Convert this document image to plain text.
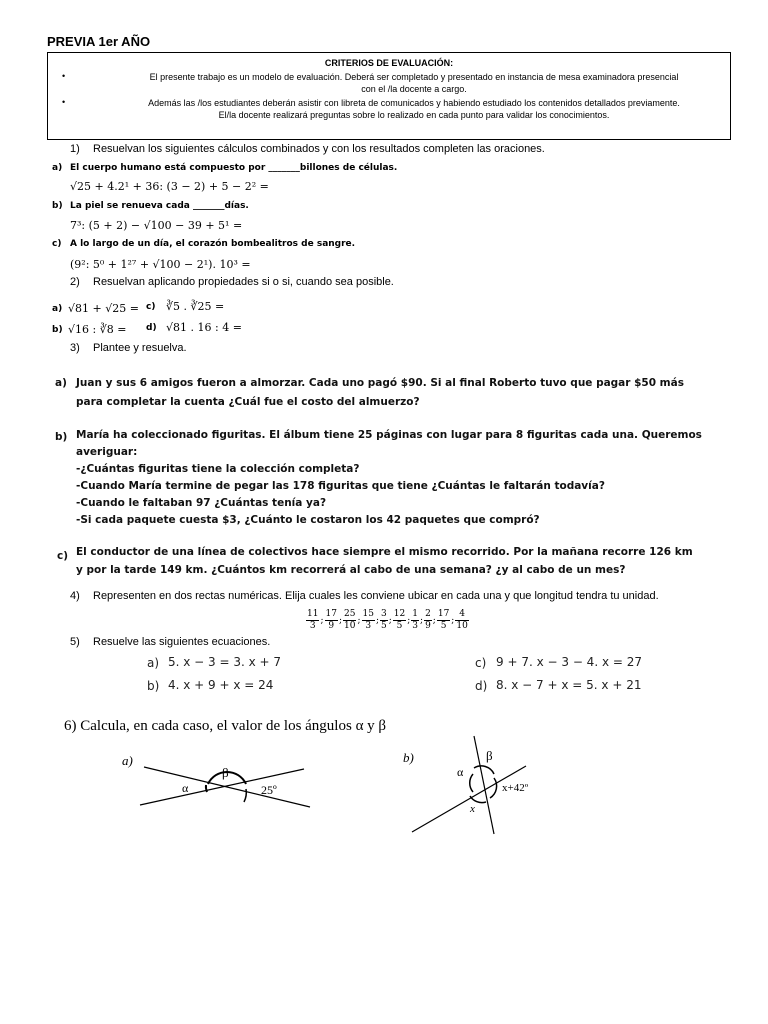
PREVIA 1er AÑO
CRITERIOS DE EVALUACIÓN:
•	El presente trabajo es un modelo de evaluación. Deberá ser completado y presentado en instancia de mesa examinadora presencial
con el /la docente a cargo.
•	Además las /los estudiantes deberán asistir con libreta de comunicados y habiendo estudiado los contenidos detallados previamente.
El/la docente realizará preguntas sobre lo realizado en cada punto para validar los conocimientos.
1) Resuelvan los siguientes cálculos combinados y con los resultados completen las oraciones.
a) El cuerpo humano está compuesto por _______billones de células.
√25 + 4.2¹ + 36: (3 − 2) + 5 − 2² =
b) La piel se renueva cada _______días.
7³: (5 + 2) − √100 − 39 + 5¹ =
c) A lo largo de un día, el corazón bombealitros de sangre.
(9²: 5⁰ + 1²⁷ + √100 − 2¹). 10³ =
2) Resuelvan aplicando propiedades si o si, cuando sea posible.
a) √81 + √25 = c) ∛5 . ∛25 =
b) √16 : ∛8 = d) √81 . 16 : 4 =
3) Plantee y resuelva.
a) Juan y sus 6 amigos fueron a almorzar. Cada uno pagó $90. Si al final Roberto tuvo que pagar $50 más
para completar la cuenta ¿Cuál fue el costo del almuerzo?
b) María ha coleccionado figuritas. El álbum tiene 25 páginas con lugar para 8 figuritas cada una. Queremos
averiguar:
-¿Cuántas figuritas tiene la colección completa?
-Cuando María termine de pegar las 178 figuritas que tiene ¿Cuántas le faltarán todavía?
-Cuando le faltaban 97 ¿Cuántas tenía ya?
-Si cada paquete cuesta $3, ¿Cuánto le costaron los 42 paquetes que compró?
c) El conductor de una línea de colectivos hace siempre el mismo recorrido. Por la mañana recorre 126 km
y por la tarde 149 km. ¿Cuántos km recorrerá al cabo de una semana? ¿y al cabo de un mes?
4) Representen en dos rectas numéricas. Elija cuales les conviene ubicar en cada una y que longitud tendra tu unidad.
$\frac{11}{3}$ ; $\frac{17}{9}$ ; $\frac{25}{10}$ ; $\frac{15}{3}$ ; $\frac{3}{5}$ ; $\frac{12}{5}$ ; $\frac{1}{3}$ ; $\frac{2}{9}$ ; $\frac{17}{5}$ ; $\frac{4}{10}$
5) Resuelve las siguientes ecuaciones.
a) 5. x − 3 = 3. x + 7
b) 4. x + 9 + x = 24
c) 9 + 7. x − 3 − 4. x = 27
d) 8. x − 7 + x = 5. x + 21
6) Calcula, en cada caso, el valor de los ángulos α y β
a)
β
α	25º
b)	β
α
x+42º
x
